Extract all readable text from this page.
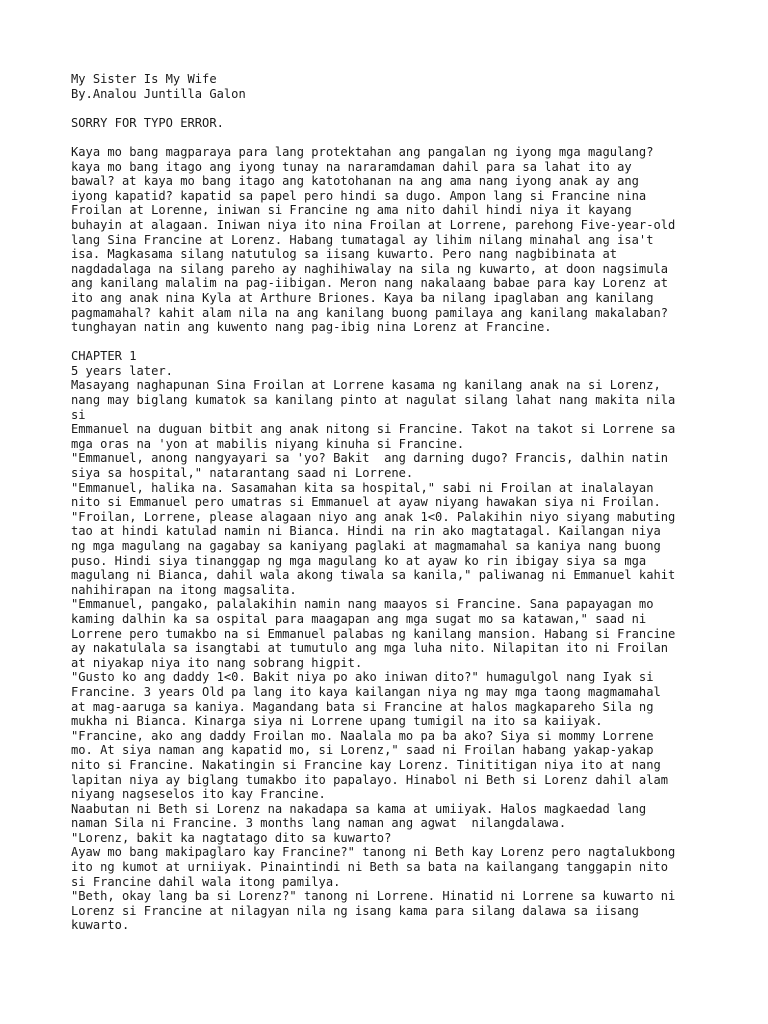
My Sister Is My Wife
By.Analou Juntilla Galon
SORRY FOR TYPO ERROR.
Kaya mo bang magparaya para lang protektahan ang pangalan ng iyong mga magulang?
kaya mo bang itago ang iyong tunay na nararamdaman dahil para sa lahat ito ay
bawal? at kaya mo bang itago ang katotohanan na ang ama nang iyong anak ay ang
iyong kapatid? kapatid sa papel pero hindi sa dugo. Ampon lang si Francine nina
Froilan at Lorenne, iniwan si Francine ng ama nito dahil hindi niya it kayang
buhayin at alagaan. Iniwan niya ito nina Froilan at Lorrene, parehong Five-year-old
lang Sina Francine at Lorenz. Habang tumatagal ay lihim nilang minahal ang isa't
isa. Magkasama silang natutulog sa iisang kuwarto. Pero nang nagbibinata at
nagdadalaga na silang pareho ay naghihiwalay na sila ng kuwarto, at doon nagsimula
ang kanilang malalim na pag-iibigan. Meron nang nakalaang babae para kay Lorenz at
ito ang anak nina Kyla at Arthure Briones. Kaya ba nilang ipaglaban ang kanilang
pagmamahal? kahit alam nila na ang kanilang buong pamilaya ang kanilang makalaban?
tunghayan natin ang kuwento nang pag-ibig nina Lorenz at Francine.
CHAPTER 1
5 years later.
Masayang naghapunan Sina Froilan at Lorrene kasama ng kanilang anak na si Lorenz,
nang may biglang kumatok sa kanilang pinto at nagulat silang lahat nang makita nila
si
Emmanuel na duguan bitbit ang anak nitong si Francine. Takot na takot si Lorrene sa
mga oras na 'yon at mabilis niyang kinuha si Francine.
"Emmanuel, anong nangyayari sa 'yo? Bakit  ang darning dugo? Francis, dalhin natin
siya sa hospital," natarantang saad ni Lorrene.
"Emmanuel, halika na. Sasamahan kita sa hospital," sabi ni Froilan at inalalayan
nito si Emmanuel pero umatras si Emmanuel at ayaw niyang hawakan siya ni Froilan.
"Froilan, Lorrene, please alagaan niyo ang anak 1<0. Palakihin niyo siyang mabuting
tao at hindi katulad namin ni Bianca. Hindi na rin ako magtatagal. Kailangan niya
ng mga magulang na gagabay sa kaniyang paglaki at magmamahal sa kaniya nang buong
puso. Hindi siya tinanggap ng mga magulang ko at ayaw ko rin ibigay siya sa mga
magulang ni Bianca, dahil wala akong tiwala sa kanila," paliwanag ni Emmanuel kahit
nahihirapan na itong magsalita.
"Emmanuel, pangako, palalakihin namin nang maayos si Francine. Sana papayagan mo
kaming dalhin ka sa ospital para maagapan ang mga sugat mo sa katawan," saad ni
Lorrene pero tumakbo na si Emmanuel palabas ng kanilang mansion. Habang si Francine
ay nakatulala sa isangtabi at tumutulo ang mga luha nito. Nilapitan ito ni Froilan
at niyakap niya ito nang sobrang higpit.
"Gusto ko ang daddy 1<0. Bakit niya po ako iniwan dito?" humagulgol nang Iyak si
Francine. 3 years Old pa lang ito kaya kailangan niya ng may mga taong magmamahal
at mag-aaruga sa kaniya. Magandang bata si Francine at halos magkapareho Sila ng
mukha ni Bianca. Kinarga siya ni Lorrene upang tumigil na ito sa kaiiyak.
"Francine, ako ang daddy Froilan mo. Naalala mo pa ba ako? Siya si mommy Lorrene
mo. At siya naman ang kapatid mo, si Lorenz," saad ni Froilan habang yakap-yakap
nito si Francine. Nakatingin si Francine kay Lorenz. Tinititigan niya ito at nang
lapitan niya ay biglang tumakbo ito papalayo. Hinabol ni Beth si Lorenz dahil alam
niyang nagseselos ito kay Francine.
Naabutan ni Beth si Lorenz na nakadapa sa kama at umiiyak. Halos magkaedad lang
naman Sila ni Francine. 3 months lang naman ang agwat  nilangdalawa.
"Lorenz, bakit ka nagtatago dito sa kuwarto?
Ayaw mo bang makipaglaro kay Francine?" tanong ni Beth kay Lorenz pero nagtalukbong
ito ng kumot at urniiyak. Pinaintindi ni Beth sa bata na kailangang tanggapin nito
si Francine dahil wala itong pamilya.
"Beth, okay lang ba si Lorenz?" tanong ni Lorrene. Hinatid ni Lorrene sa kuwarto ni
Lorenz si Francine at nilagyan nila ng isang kama para silang dalawa sa iisang
kuwarto.
